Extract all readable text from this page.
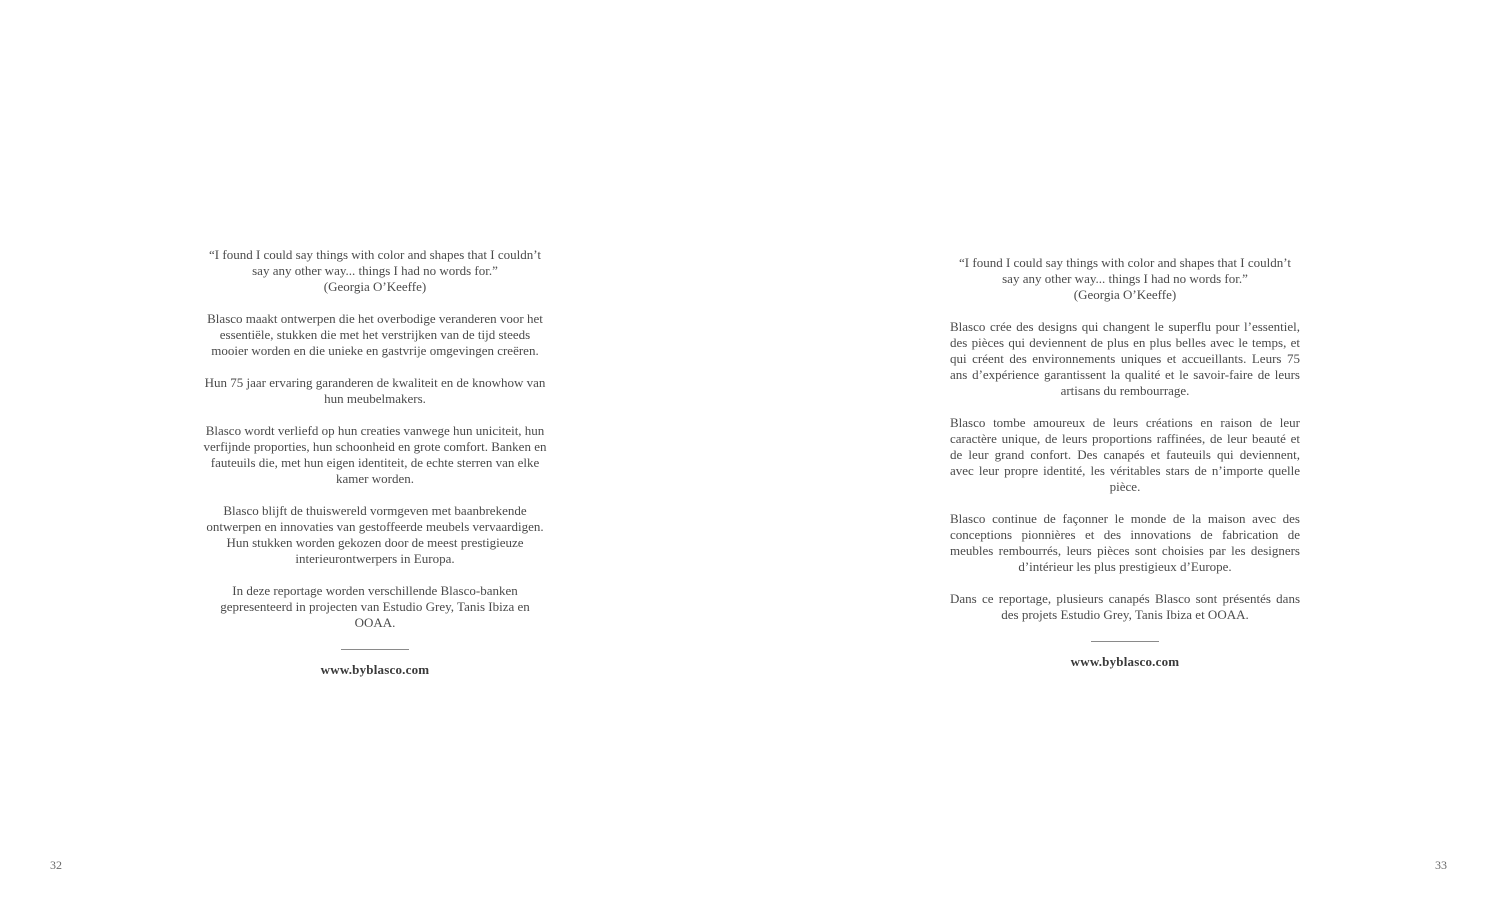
“I found I could say things with color and shapes that I couldn’t say any other way... things I had no words for.”
(Georgia O’Keeffe)

Blasco maakt ontwerpen die het overbodige veranderen voor het essentiële, stukken die met het verstrijken van de tijd steeds mooier worden en die unieke en gastvrije omgevingen creëren.

Hun 75 jaar ervaring garanderen de kwaliteit en de knowhow van hun meubelmakers.

Blasco wordt verliefd op hun creaties vanwege hun uniciteit, hun verfijnde proporties, hun schoonheid en grote comfort. Banken en fauteuils die, met hun eigen identiteit, de echte sterren van elke kamer worden.

Blasco blijft de thuiswereld vormgeven met baanbrekende ontwerpen en innovaties van gestoffeerde meubels vervaardigen. Hun stukken worden gekozen door de meest prestigieuze interieurontwerpers in Europa.

In deze reportage worden verschillende Blasco-banken gepresenteerd in projecten van Estudio Grey, Tanis Ibiza en OOAA.

www.byblasco.com
32
“I found I could say things with color and shapes that I couldn’t say any other way... things I had no words for.”
(Georgia O’Keeffe)

Blasco crée des designs qui changent le superflu pour l’essentiel, des pièces qui deviennent de plus en plus belles avec le temps, et qui créent des environnements uniques et accueillants. Leurs 75 ans d’expérience garantissent la qualité et le savoir-faire de leurs artisans du rembourrage.

Blasco tombe amoureux de leurs créations en raison de leur caractère unique, de leurs proportions raffinées, de leur beauté et de leur grand confort. Des canapés et fauteuils qui deviennent, avec leur propre identité, les véritables stars de n’importe quelle pièce.

Blasco continue de façonner le monde de la maison avec des conceptions pionnières et des innovations de fabrication de meubles rembourrés, leurs pièces sont choisies par les designers d’intérieur les plus prestigieux d’Europe.

Dans ce reportage, plusieurs canapés Blasco sont présentés dans des projets Estudio Grey, Tanis Ibiza et OOAA.

www.byblasco.com
33
